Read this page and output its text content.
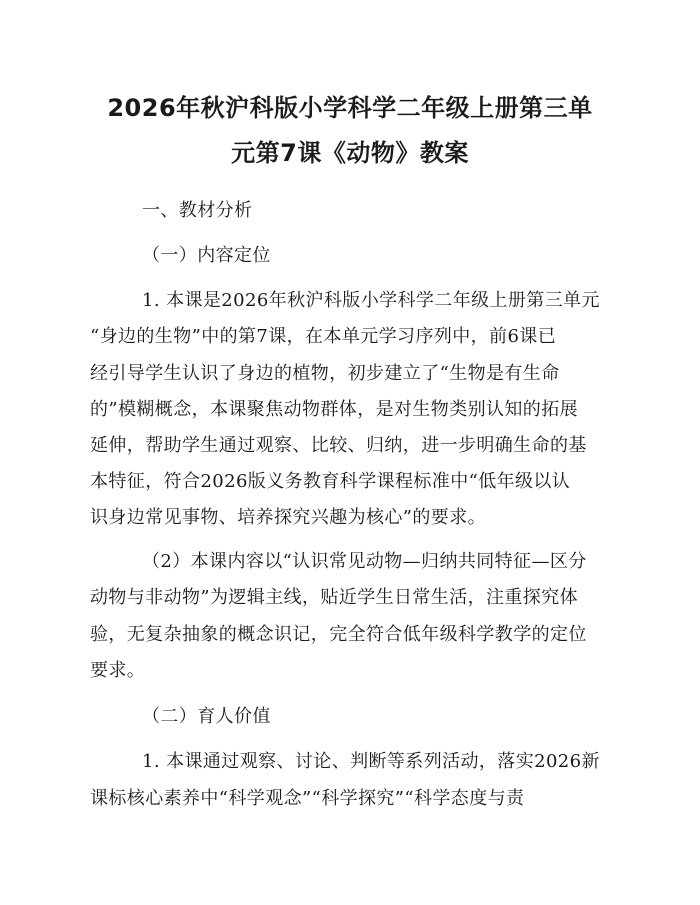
2026年秋沪科版小学科学二年级上册第三单
元第7课《动物》教案

一、教材分析

（一）内容定位

1. 本课是2026年秋沪科版小学科学二年级上册第三单元

“身边的生物”中的第7课，在本单元学习序列中，前6课已

经引导学生认识了身边的植物，初步建立了“生物是有生命

的”模糊概念，本课聚焦动物群体，是对生物类别认知的拓展

延伸，帮助学生通过观察、比较、归纳，进一步明确生命的基

本特征，符合2026版义务教育科学课程标准中“低年级以认

识身边常见事物、培养探究兴趣为核心”的要求。

（2）本课内容以“认识常见动物—归纳共同特征—区分

动物与非动物”为逻辑主线，贴近学生日常生活，注重探究体

验，无复杂抽象的概念识记，完全符合低年级科学教学的定位

要求。

（二）育人价值

1. 本课通过观察、讨论、判断等系列活动，落实2026新

课标核心素养中“科学观念”“科学探究”“科学态度与责
